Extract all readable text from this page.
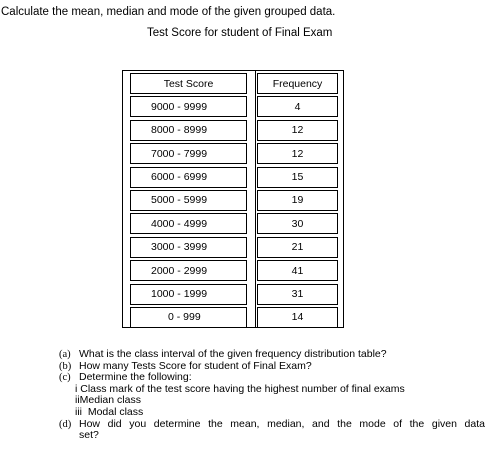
Calculate the mean, median and mode of the given grouped data.
Test Score for student of Final Exam
Test Score	Frequency
9000 - 9999	4
8000 - 8999	12
7000 - 7999	12
6000 - 6999	15
5000 - 5999	19
4000 - 4999	30
3000 - 3999	21
2000 - 2999	41
1000 - 1999	31
0 - 999	14
(a) What is the class interval of the given frequency distribution table?
(b) How many Tests Score for student of Final Exam?
(c) Determine the following:
i Class mark of the test score having the highest number of final exams
iiMedian class
iii  Modal class
(d) How did you determine the mean, median, and the mode of the given data
set?
